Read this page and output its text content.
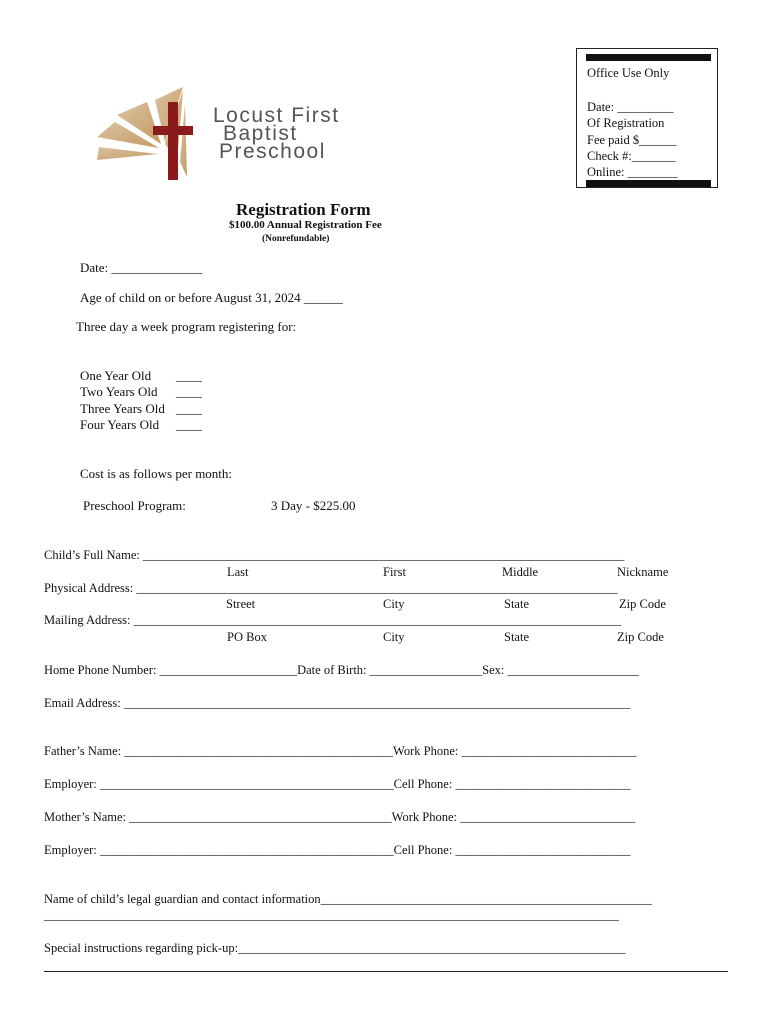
Office Use Only
Date: _________
Of Registration
Fee paid $______
Check #:_______
Online: ________
Locust First
Baptist
Preschool
Registration Form
$100.00 Annual Registration Fee
(Nonrefundable)
Date: ______________
Age of child on or before August 31, 2024 ______
Three day a week program registering for:
One Year Old ____
Two Years Old ____
Three Years Old ____
Four Years Old ____
Cost is as follows per month:
Preschool Program:	3 Day - $225.00
Child’s Full Name: _____________________________________________________________________________
Last	First	Middle	Nickname
Physical Address: _____________________________________________________________________________
Street	City	State	Zip Code
Mailing Address: ______________________________________________________________________________
PO Box	City	State	Zip Code
Home Phone Number: ______________________Date of Birth: __________________Sex: _____________________
Email Address: _________________________________________________________________________________
Father’s Name: ___________________________________________Work Phone: ____________________________
Employer: _______________________________________________Cell Phone: ____________________________
Mother’s Name: __________________________________________Work Phone: ____________________________
Employer: _______________________________________________Cell Phone: ____________________________
Name of child’s legal guardian and contact information_____________________________________________________
____________________________________________________________________________________________
Special instructions regarding pick-up:______________________________________________________________
